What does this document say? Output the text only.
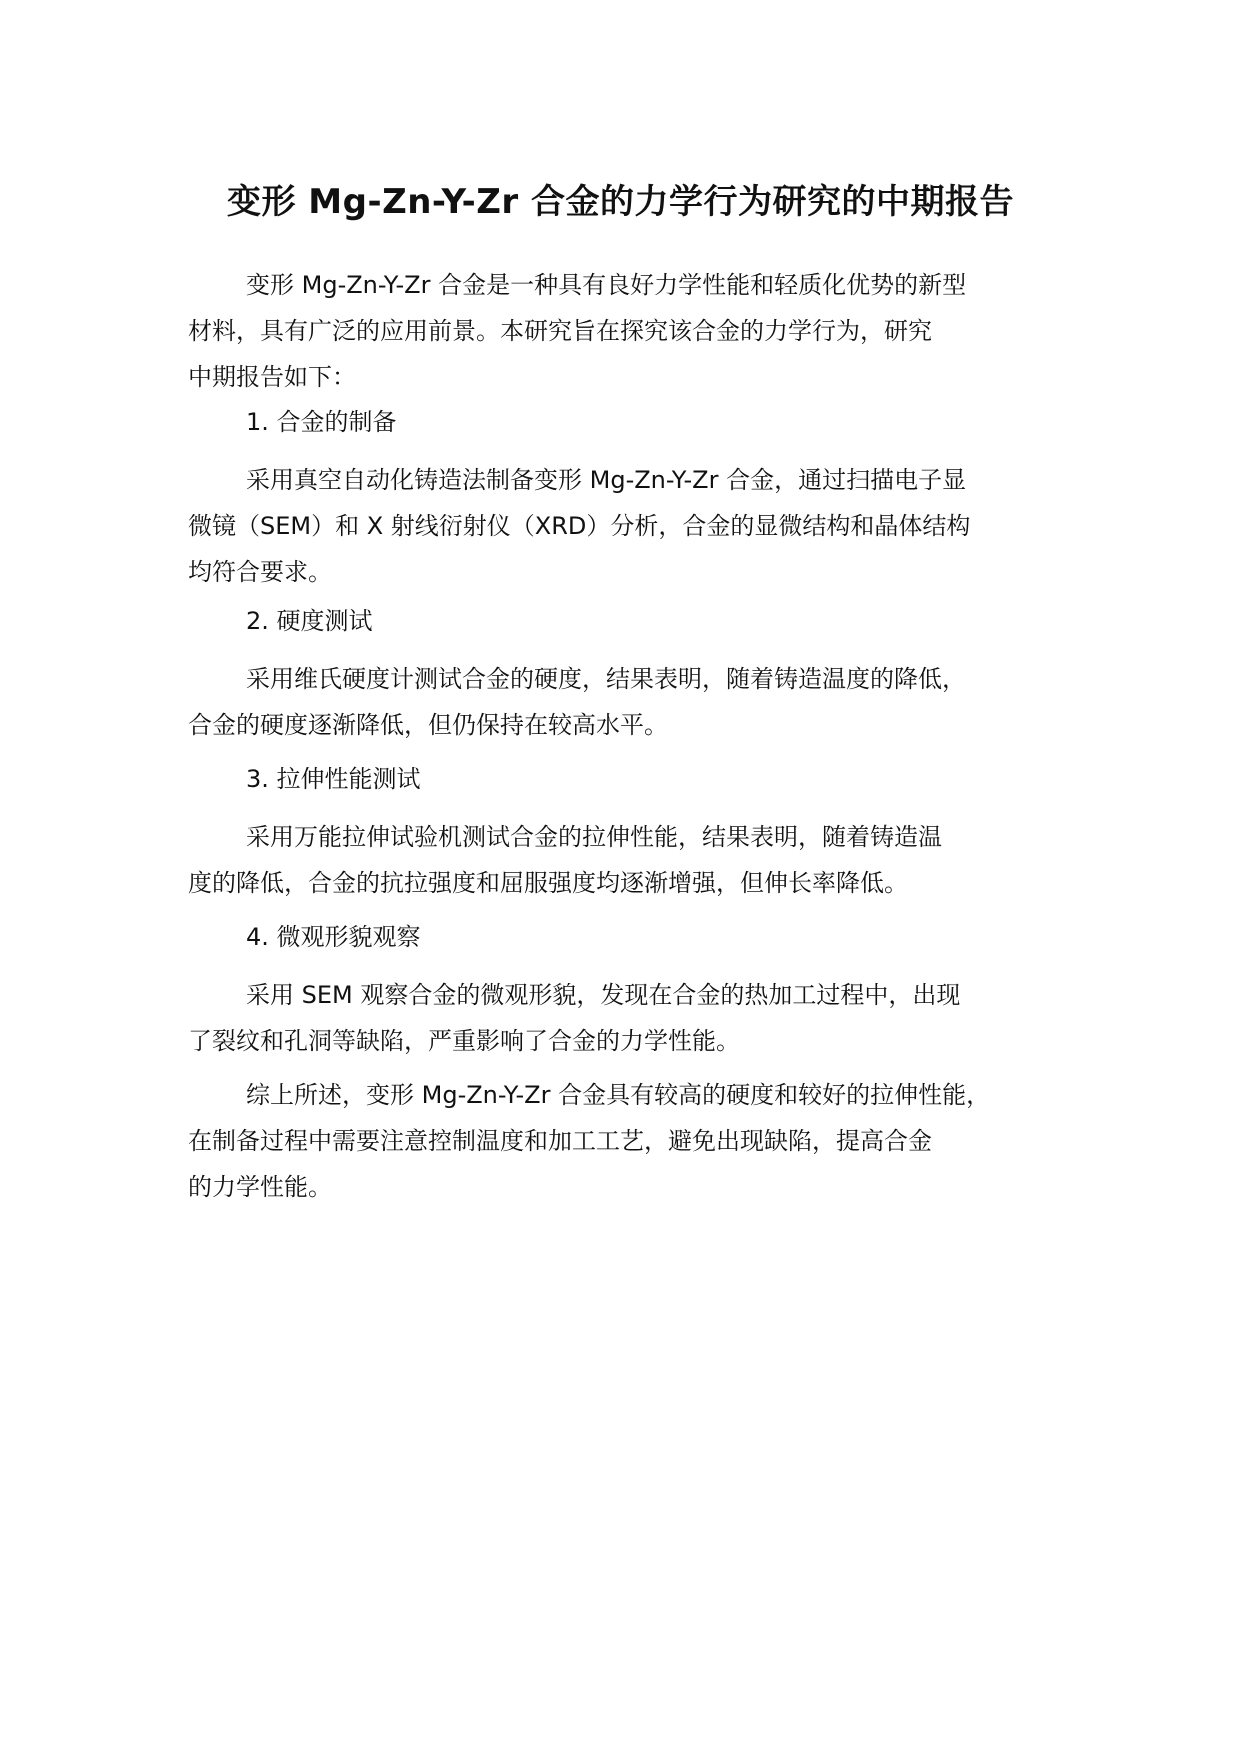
变形 Mg-Zn-Y-Zr 合金的力学行为研究的中期报告

变形 Mg-Zn-Y-Zr 合金是一种具有良好力学性能和轻质化优势的新型
材料，具有广泛的应用前景。本研究旨在探究该合金的力学行为，研究
中期报告如下：

1. 合金的制备

采用真空自动化铸造法制备变形 Mg-Zn-Y-Zr 合金，通过扫描电子显
微镜（SEM）和 X 射线衍射仪（XRD）分析，合金的显微结构和晶体结构
均符合要求。

2. 硬度测试

采用维氏硬度计测试合金的硬度，结果表明，随着铸造温度的降低，
合金的硬度逐渐降低，但仍保持在较高水平。

3. 拉伸性能测试

采用万能拉伸试验机测试合金的拉伸性能，结果表明，随着铸造温
度的降低，合金的抗拉强度和屈服强度均逐渐增强，但伸长率降低。

4. 微观形貌观察

采用 SEM 观察合金的微观形貌，发现在合金的热加工过程中，出现
了裂纹和孔洞等缺陷，严重影响了合金的力学性能。

综上所述，变形 Mg-Zn-Y-Zr 合金具有较高的硬度和较好的拉伸性能，
在制备过程中需要注意控制温度和加工工艺，避免出现缺陷，提高合金
的力学性能。
